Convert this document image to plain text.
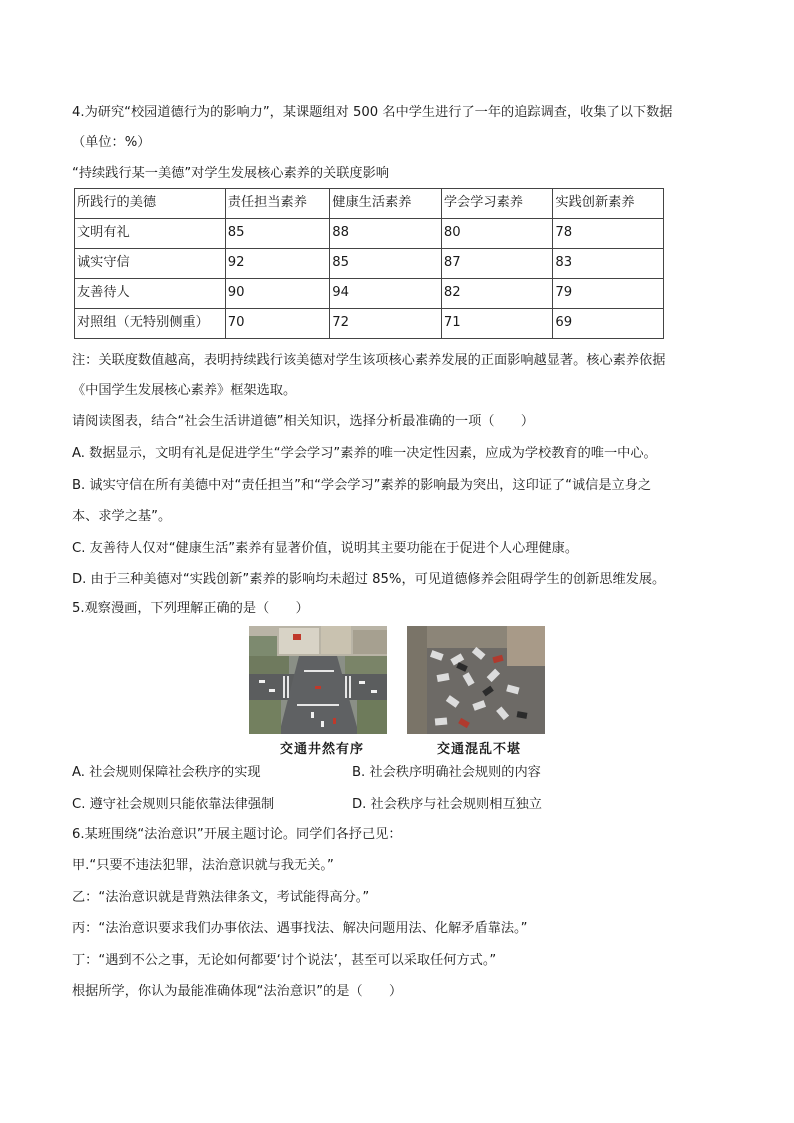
4.为研究“校园道德行为的影响力”，某课题组对 500 名中学生进行了一年的追踪调查，收集了以下数据
（单位：%）
“持续践行某一美德”对学生发展核心素养的关联度影响
所践行的美德	责任担当素养	健康生活素养	学会学习素养	实践创新素养
文明有礼	85	88	80	78
诚实守信	92	85	87	83
友善待人	90	94	82	79
对照组（无特别侧重）	70	72	71	69
注：关联度数值越高，表明持续践行该美德对学生该项核心素养发展的正面影响越显著。核心素养依据
《中国学生发展核心素养》框架选取。
请阅读图表，结合“社会生活讲道德”相关知识，选择分析最准确的一项（　　）
A. 数据显示，文明有礼是促进学生“学会学习”素养的唯一决定性因素，应成为学校教育的唯一中心。
B. 诚实守信在所有美德中对“责任担当”和“学会学习”素养的影响最为突出，这印证了“诚信是立身之
本、求学之基”。
C. 友善待人仅对“健康生活”素养有显著价值，说明其主要功能在于促进个人心理健康。
D. 由于三种美德对“实践创新”素养的影响均未超过 85%，可见道德修养会阻碍学生的创新思维发展。
5.观察漫画，下列理解正确的是（　　）
交通井然有序	交通混乱不堪
A. 社会规则保障社会秩序的实现	B. 社会秩序明确社会规则的内容
C. 遵守社会规则只能依靠法律强制	D. 社会秩序与社会规则相互独立
6.某班围绕“法治意识”开展主题讨论。同学们各抒己见：
甲.“只要不违法犯罪，法治意识就与我无关。”
乙：“法治意识就是背熟法律条文，考试能得高分。”
丙：“法治意识要求我们办事依法、遇事找法、解决问题用法、化解矛盾靠法。”
丁：“遇到不公之事，无论如何都要‘讨个说法’，甚至可以采取任何方式。”
根据所学，你认为最能准确体现“法治意识”的是（　　）
